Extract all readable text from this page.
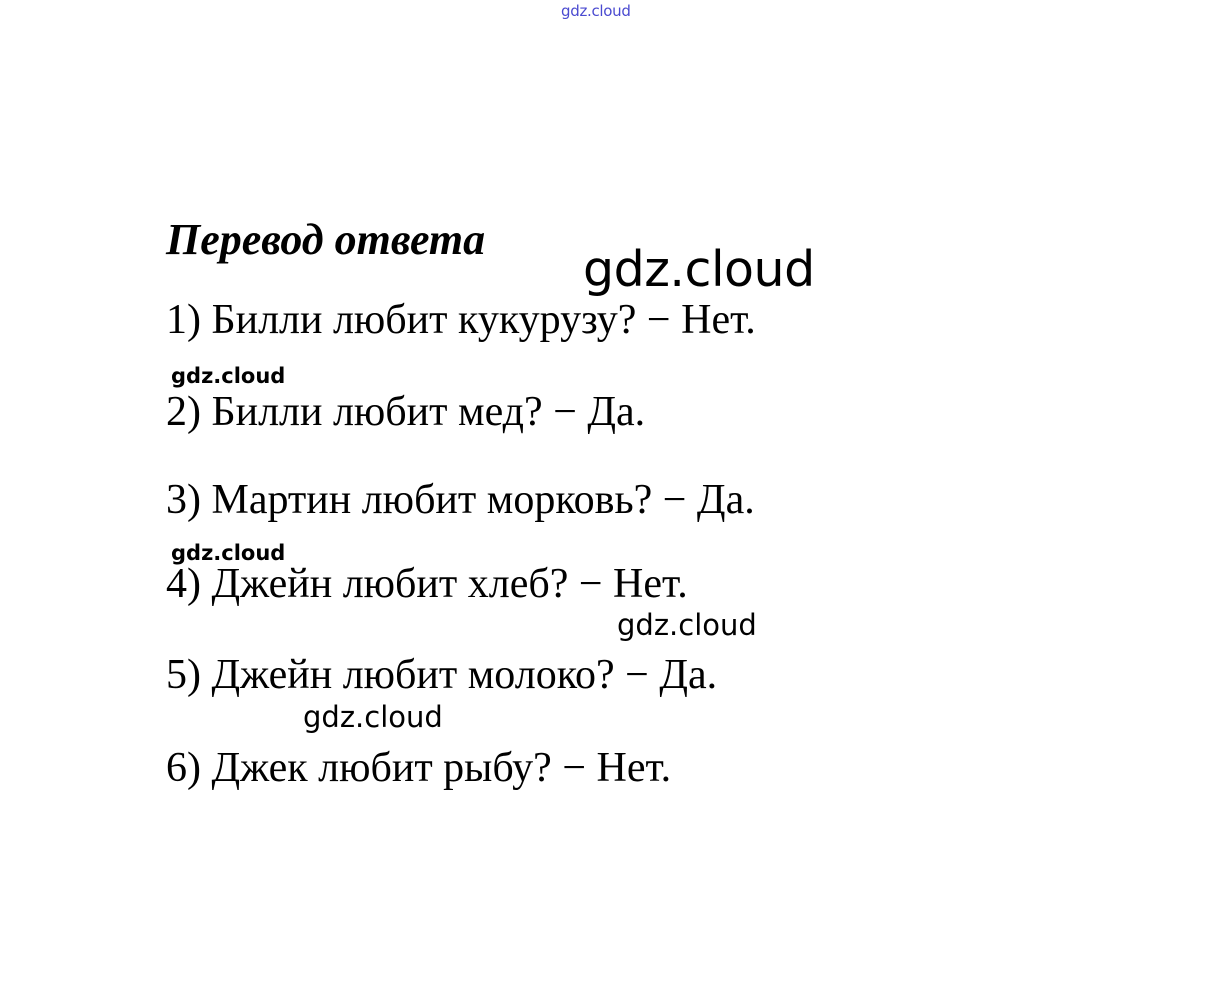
gdz.cloud
Перевод ответа
gdz.cloud
1) Билли любит кукурузу? − Нет.
gdz.cloud
2) Билли любит мед? − Да.
3) Мартин любит морковь? − Да.
gdz.cloud
4) Джейн любит хлеб? − Нет.
gdz.cloud
5) Джейн любит молоко? − Да.
gdz.cloud
6) Джек любит рыбу? − Нет.
